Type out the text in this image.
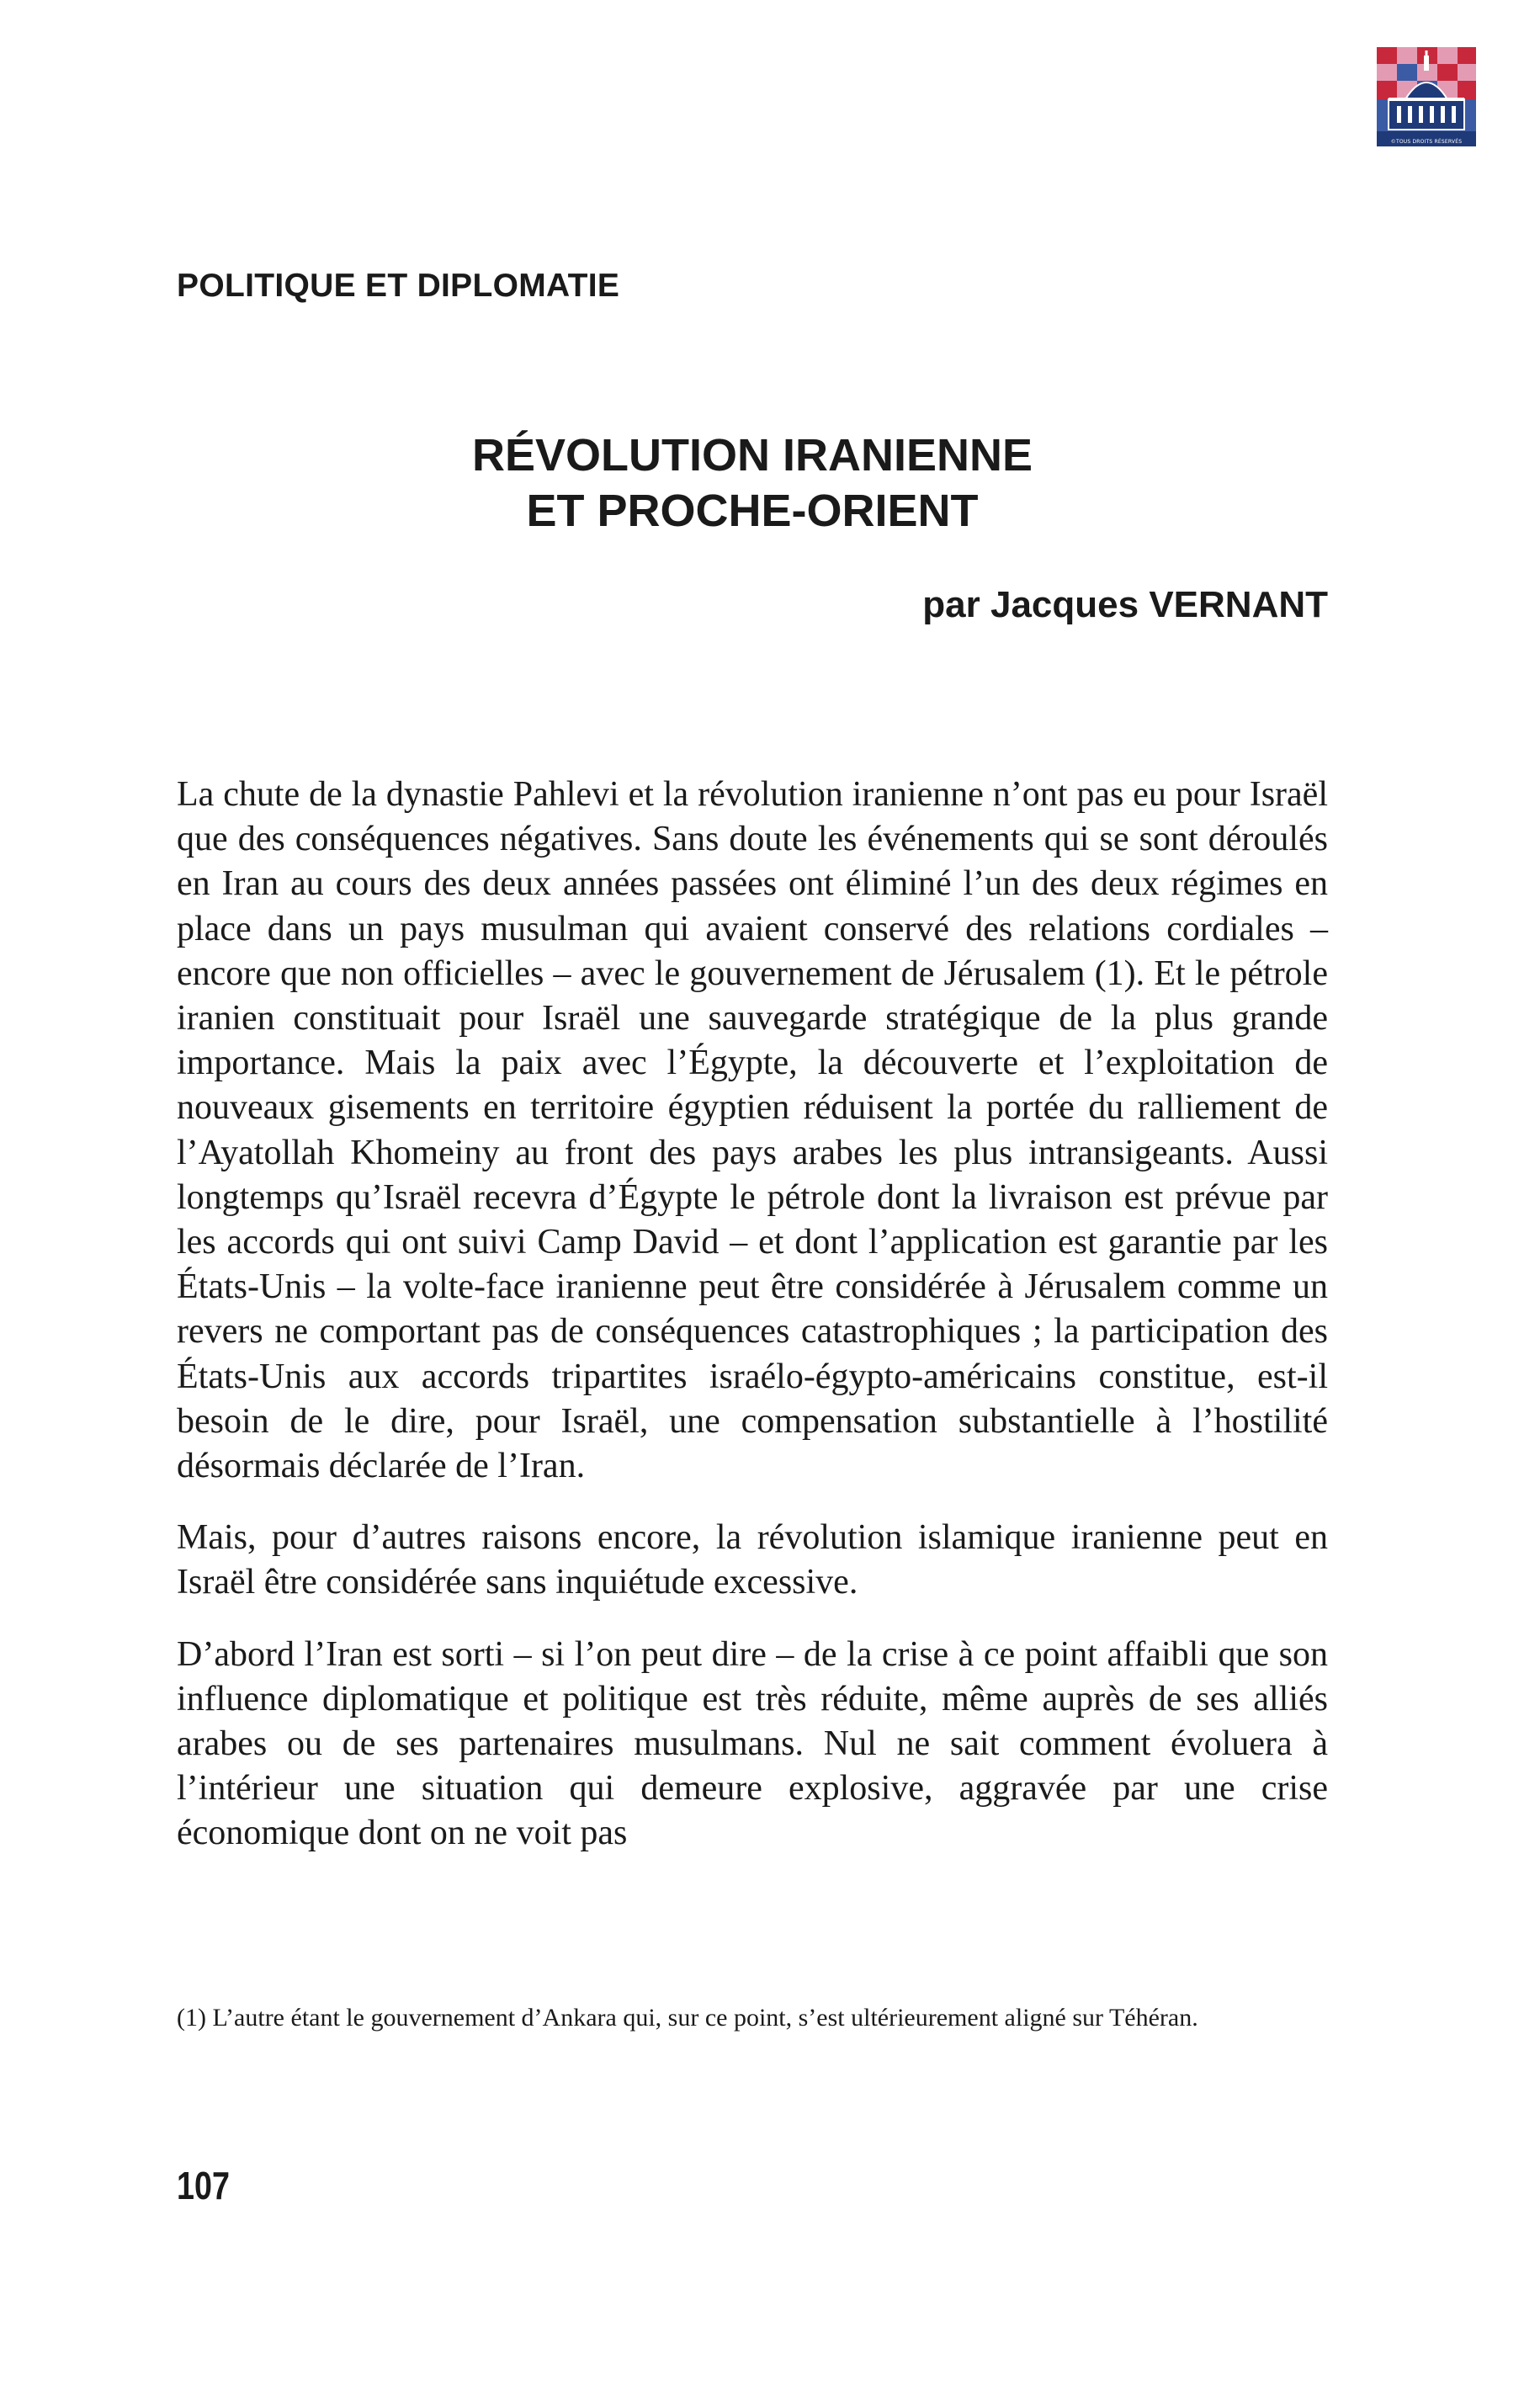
©TOUS DROITS RÉSERVÉS
POLITIQUE ET DIPLOMATIE
RÉVOLUTION IRANIENNE
ET PROCHE-ORIENT

par Jacques VERNANT

La chute de la dynastie Pahlevi et la révolution iranienne n’ont pas eu pour Israël que des conséquences négatives. Sans doute les événements qui se sont déroulés en Iran au cours des deux années passées ont éliminé l’un des deux régimes en place dans un pays musulman qui avaient conservé des relations cordiales – encore que non officielles – avec le gouvernement de Jérusalem (1). Et le pétrole iranien constituait pour Israël une sauvegarde stratégique de la plus grande importance. Mais la paix avec l’Égypte, la découverte et l’exploitation de nouveaux gisements en territoire égyptien réduisent la portée du ralliement de l’Ayatollah Khomeiny au front des pays arabes les plus intransigeants. Aussi longtemps qu’Israël recevra d’Égypte le pétrole dont la livraison est prévue par les accords qui ont suivi Camp David – et dont l’application est garantie par les États-Unis – la volte-face iranienne peut être considérée à Jérusalem comme un revers ne comportant pas de conséquences catastrophiques ; la participation des États-Unis aux accords tripartites israélo-égypto-américains constitue, est-il besoin de le dire, pour Israël, une compensation substantielle à l’hostilité désormais déclarée de l’Iran.

Mais, pour d’autres raisons encore, la révolution islamique iranienne peut en Israël être considérée sans inquiétude excessive.

D’abord l’Iran est sorti – si l’on peut dire – de la crise à ce point affaibli que son influence diplomatique et politique est très réduite, même auprès de ses alliés arabes ou de ses partenaires musulmans. Nul ne sait comment évoluera à l’intérieur une situation qui demeure explosive, aggravée par une crise économique dont on ne voit pas

(1) L’autre étant le gouvernement d’Ankara qui, sur ce point, s’est ultérieurement aligné sur Téhéran.

107
